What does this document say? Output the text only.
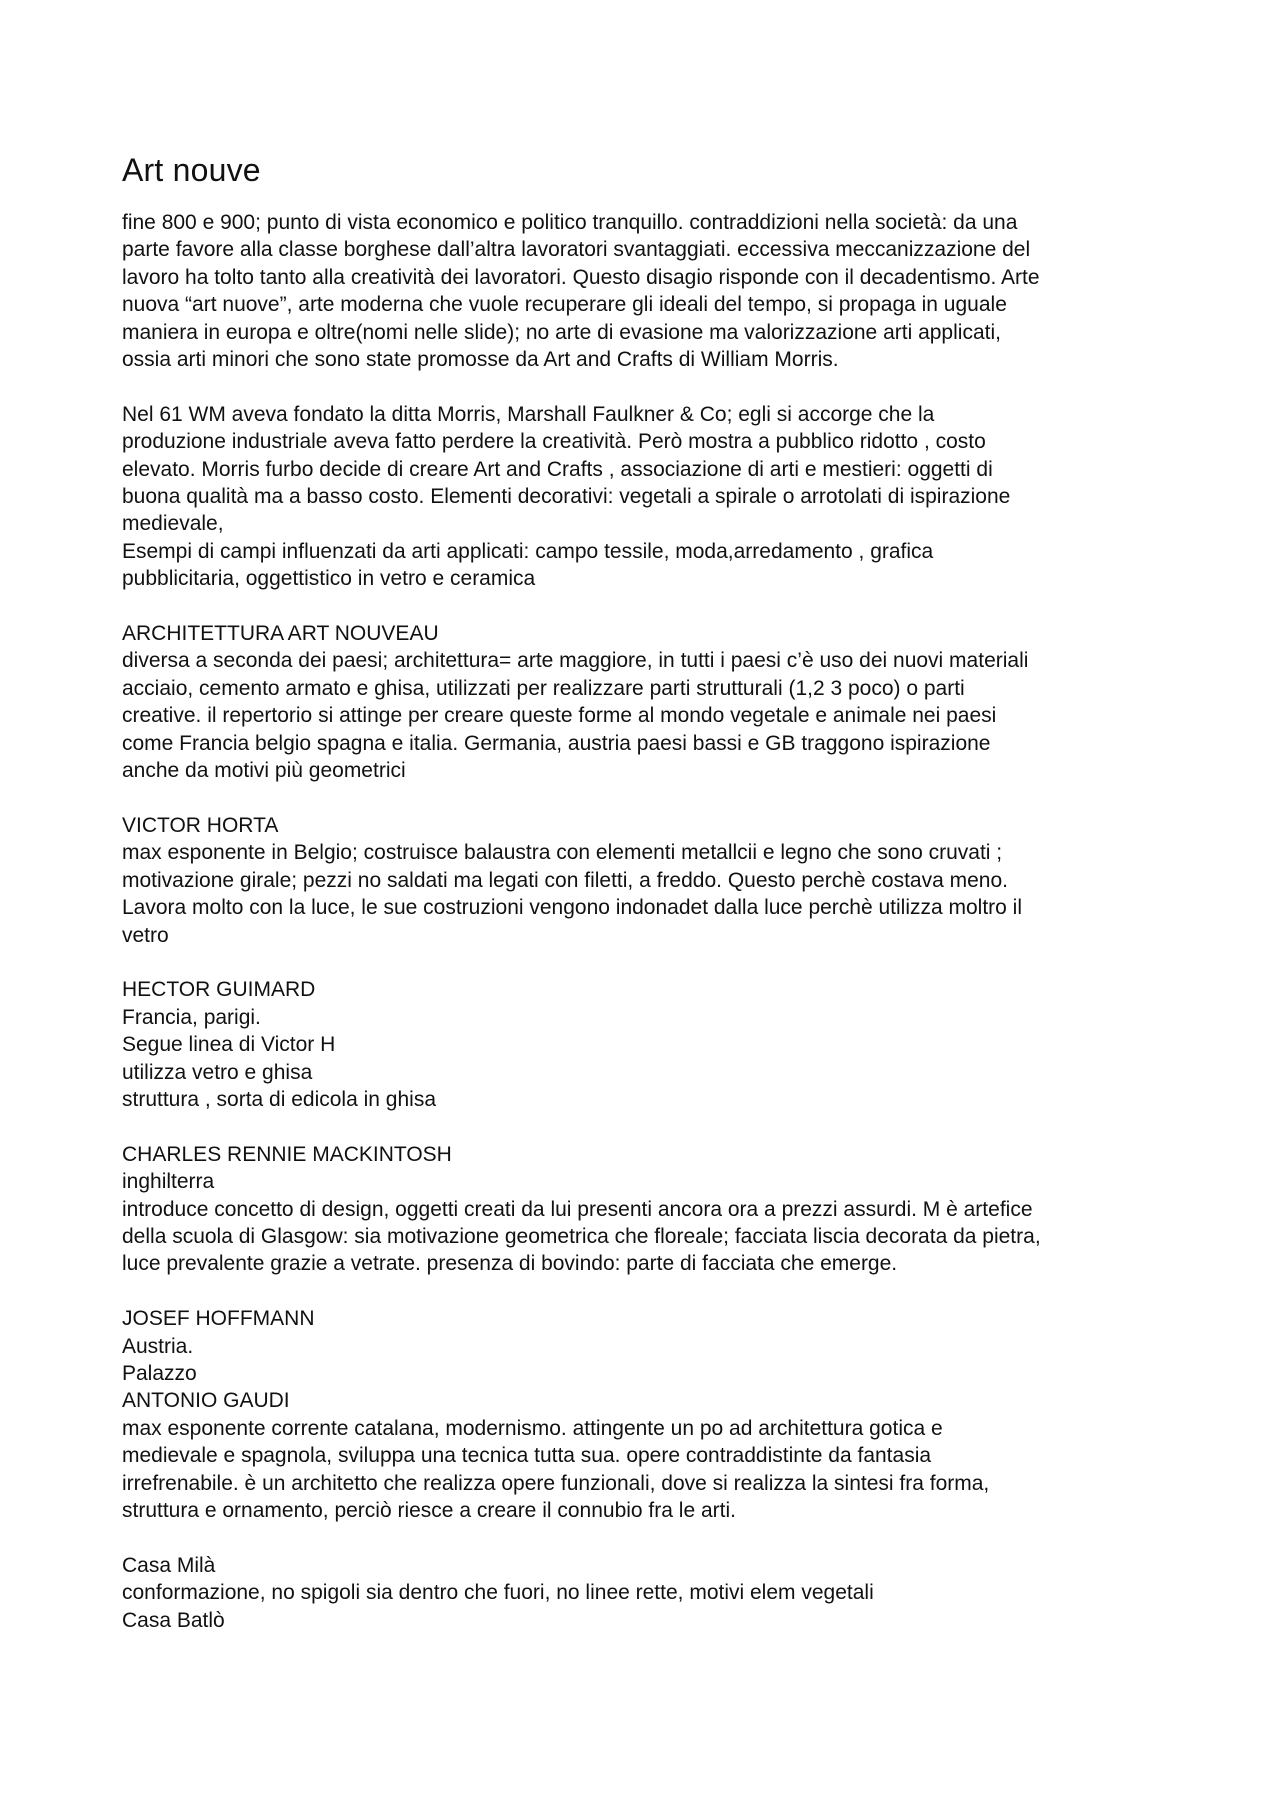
Art nouve
fine 800 e 900; punto di vista economico e politico tranquillo. contraddizioni nella società: da una
parte favore alla classe borghese dall’altra lavoratori svantaggiati. eccessiva meccanizzazione del
lavoro ha tolto tanto alla creatività dei lavoratori. Questo disagio risponde con il decadentismo. Arte
nuova “art nuove”, arte moderna che vuole recuperare gli ideali del tempo, si propaga in uguale
maniera in europa e oltre(nomi nelle slide); no arte di evasione ma valorizzazione arti applicati,
ossia arti minori che sono state promosse da Art and Crafts di William Morris.
Nel 61 WM aveva fondato la ditta Morris, Marshall Faulkner & Co; egli si accorge che la
produzione industriale aveva fatto perdere la creatività. Però mostra a pubblico ridotto , costo
elevato. Morris furbo decide di creare Art and Crafts , associazione di arti e mestieri: oggetti di
buona qualità ma a basso costo. Elementi decorativi: vegetali a spirale o arrotolati di ispirazione
medievale,
Esempi di campi influenzati da arti applicati: campo tessile, moda,arredamento , grafica
pubblicitaria, oggettistico in vetro e ceramica
ARCHITETTURA ART NOUVEAU
diversa a seconda dei paesi; architettura= arte maggiore, in tutti i paesi c’è uso dei nuovi materiali
acciaio, cemento armato e ghisa, utilizzati per realizzare parti strutturali (1,2 3 poco) o parti
creative. il repertorio si attinge per creare queste forme al mondo vegetale e animale nei paesi
come Francia belgio spagna e italia. Germania, austria paesi bassi e GB traggono ispirazione
anche da motivi più geometrici
VICTOR HORTA
max esponente in Belgio; costruisce balaustra con elementi metallcii e legno che sono cruvati ;
motivazione girale; pezzi no saldati ma legati con filetti, a freddo. Questo perchè costava meno.
Lavora molto con la luce, le sue costruzioni vengono indonadet dalla luce perchè utilizza moltro il
vetro
HECTOR GUIMARD
Francia, parigi.
Segue linea di Victor H
utilizza vetro e ghisa
struttura , sorta di edicola in ghisa
CHARLES RENNIE MACKINTOSH
inghilterra
introduce concetto di design, oggetti creati da lui presenti ancora ora a prezzi assurdi. M è artefice
della scuola di Glasgow: sia motivazione geometrica che floreale; facciata liscia decorata da pietra,
luce prevalente grazie a vetrate. presenza di bovindo: parte di facciata che emerge.
JOSEF HOFFMANN
Austria.
Palazzo
ANTONIO GAUDI
max esponente corrente catalana, modernismo. attingente un po ad architettura gotica e
medievale e spagnola, sviluppa una tecnica tutta sua. opere contraddistinte da fantasia
irrefrenabile. è un architetto che realizza opere funzionali, dove si realizza la sintesi fra forma,
struttura e ornamento, perciò riesce a creare il connubio fra le arti.
Casa Milà
conformazione, no spigoli sia dentro che fuori, no linee rette, motivi elem vegetali
Casa Batlò
